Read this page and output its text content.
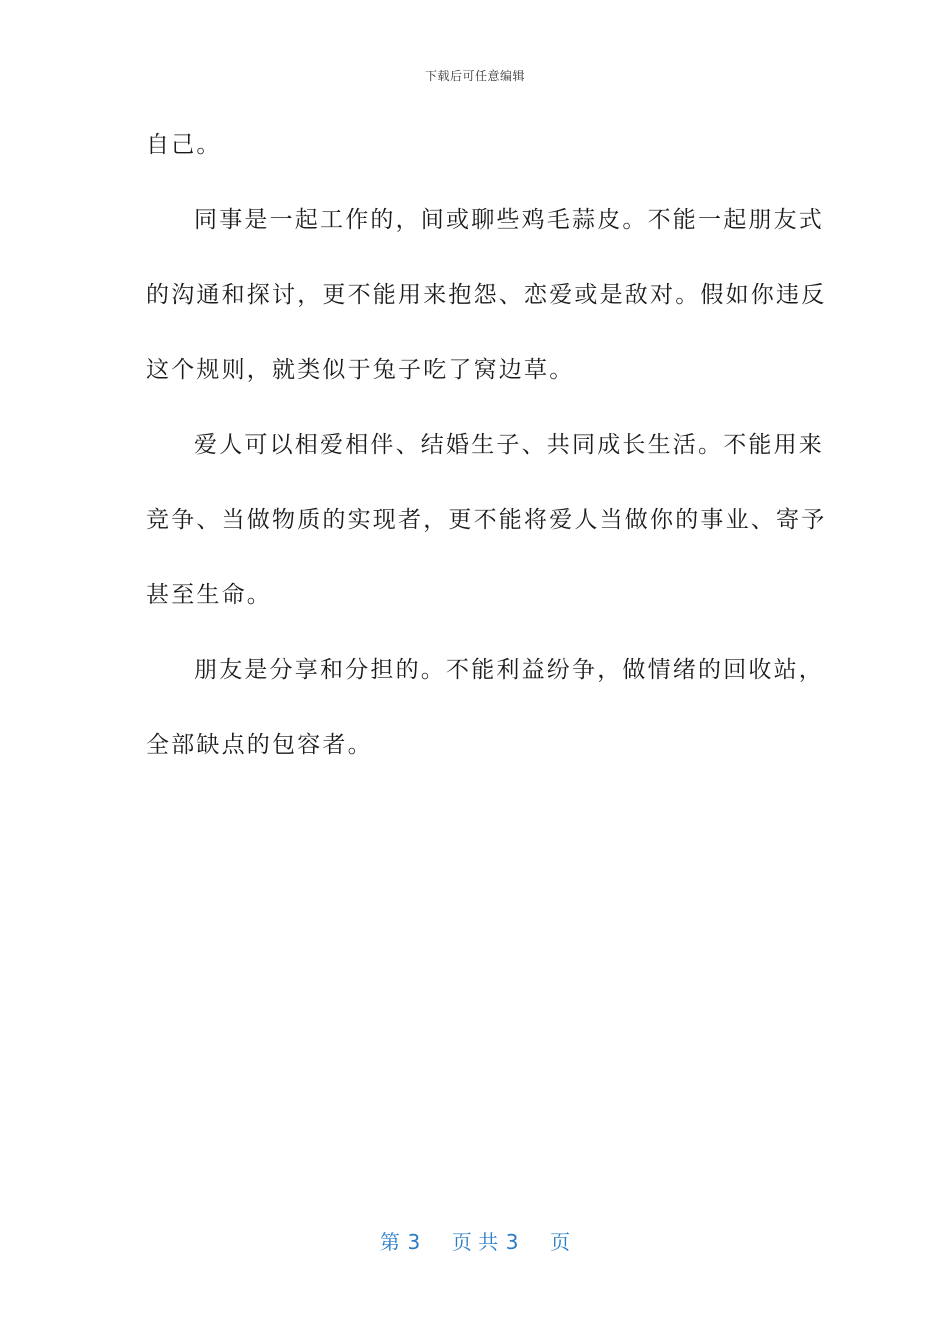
下载后可任意编辑
自己。
同事是一起工作的，间或聊些鸡毛蒜皮。不能一起朋友式
的沟通和探讨，更不能用来抱怨、恋爱或是敌对。假如你违反
这个规则，就类似于兔子吃了窝边草。
爱人可以相爱相伴、结婚生子、共同成长生活。不能用来
竞争、当做物质的实现者，更不能将爱人当做你的事业、寄予
甚至生命。
朋友是分享和分担的。不能利益纷争，做情绪的回收站，
全部缺点的包容者。
第 3 页 共 3 页
